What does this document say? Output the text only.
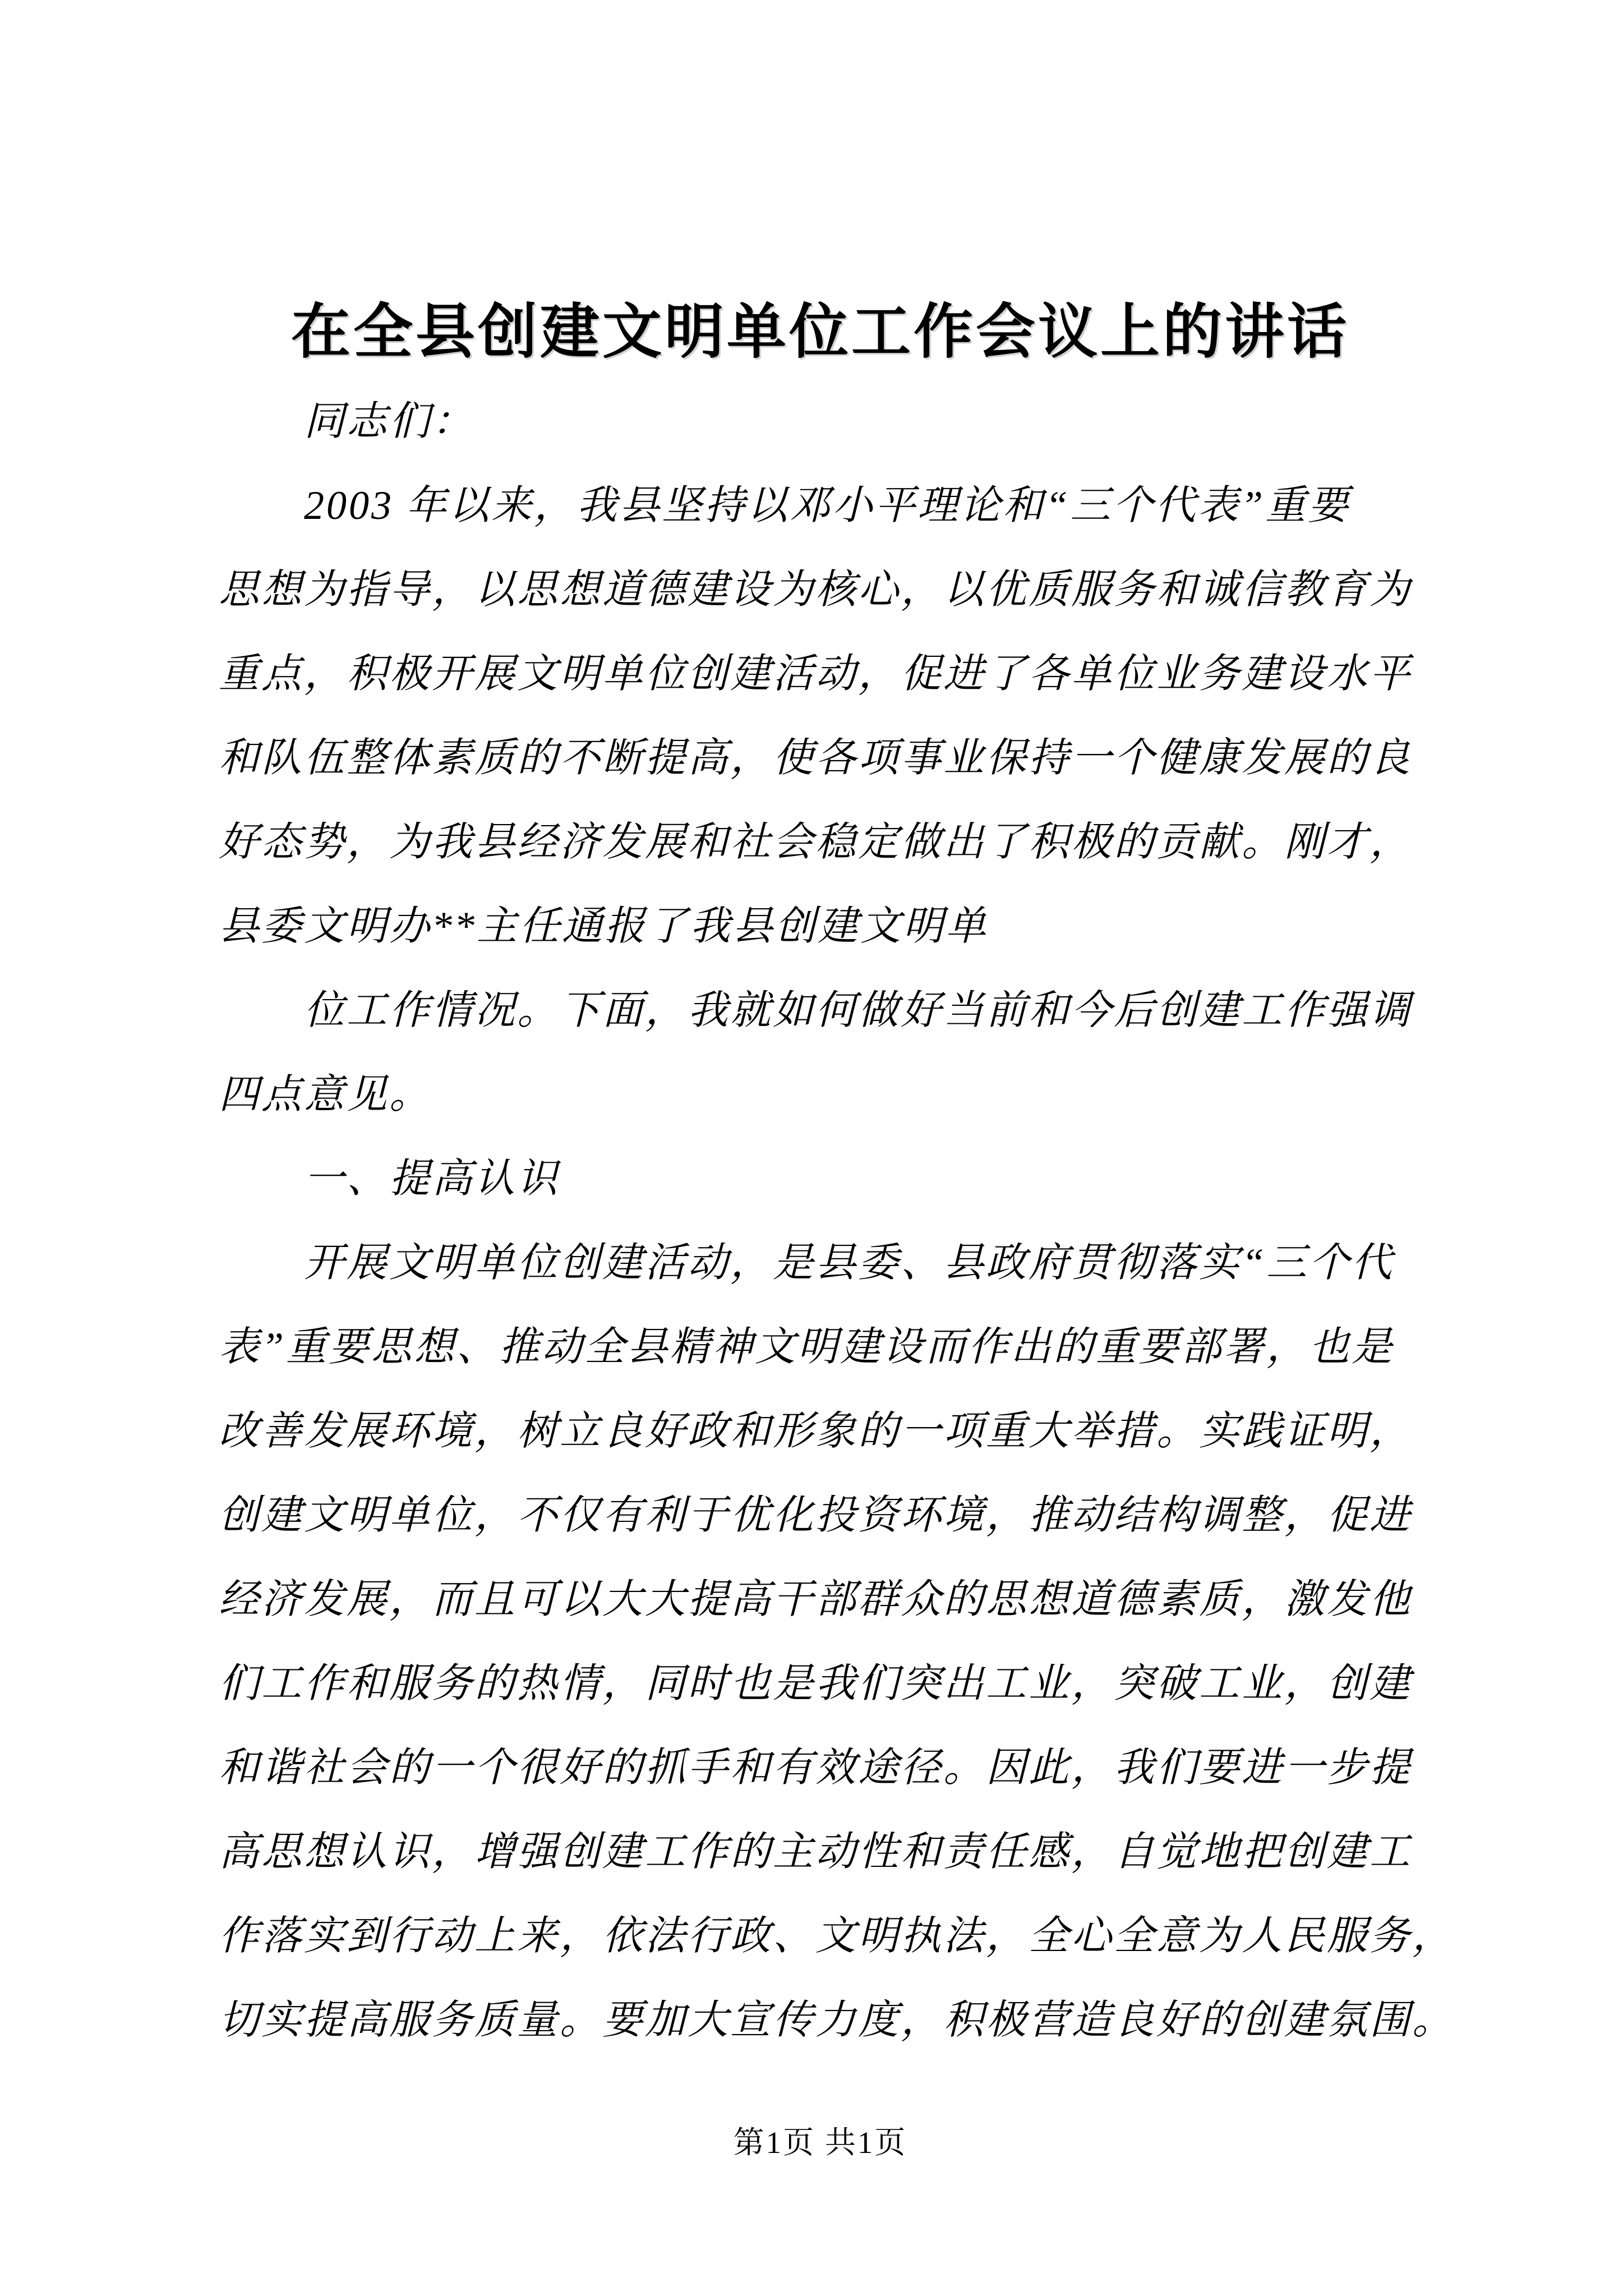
在全县创建文明单位工作会议上的讲话
同志们：
2003 年以来，我县坚持以邓小平理论和“三个代表”重要
思想为指导，以思想道德建设为核心，以优质服务和诚信教育为
重点，积极开展文明单位创建活动，促进了各单位业务建设水平
和队伍整体素质的不断提高，使各项事业保持一个健康发展的良
好态势，为我县经济发展和社会稳定做出了积极的贡献。刚才，
县委文明办**主任通报了我县创建文明单
位工作情况。下面，我就如何做好当前和今后创建工作强调
四点意见。
一、提高认识
开展文明单位创建活动，是县委、县政府贯彻落实“三个代
表”重要思想、推动全县精神文明建设而作出的重要部署，也是
改善发展环境，树立良好政和形象的一项重大举措。实践证明，
创建文明单位，不仅有利于优化投资环境，推动结构调整，促进
经济发展，而且可以大大提高干部群众的思想道德素质，激发他
们工作和服务的热情，同时也是我们突出工业，突破工业，创建
和谐社会的一个很好的抓手和有效途径。因此，我们要进一步提
高思想认识，增强创建工作的主动性和责任感，自觉地把创建工
作落实到行动上来，依法行政、文明执法，全心全意为人民服务，
切实提高服务质量。要加大宣传力度，积极营造良好的创建氛围。
第1页 共1页
